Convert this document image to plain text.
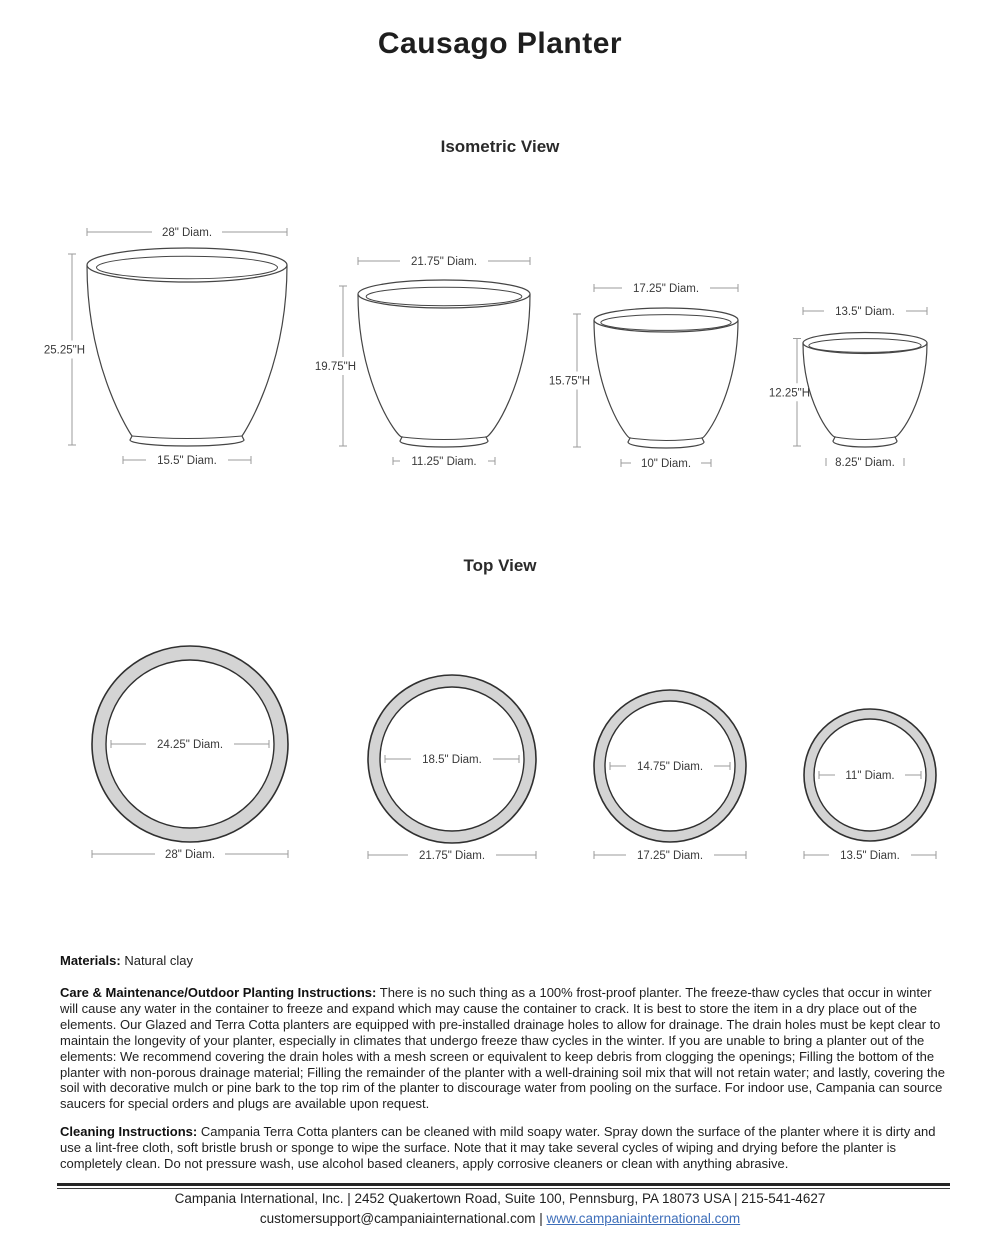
Causago Planter
Isometric View
28" Diam.
25.25"H
15.5" Diam.
21.75" Diam.
19.75"H
11.25" Diam.
17.25" Diam.
15.75"H
10" Diam.
13.5" Diam.
12.25"H
8.25" Diam.
24.25" Diam.
28" Diam.
18.5" Diam.
21.75" Diam.
14.75" Diam.
17.25" Diam.
11" Diam.
13.5" Diam.
Top View

Materials: Natural clay

Care & Maintenance/Outdoor Planting Instructions: There is no such thing as a 100% frost-proof planter. The freeze-thaw cycles that occur in winter will cause any water in the container to freeze and expand which may cause the container to crack. It is best to store the item in a dry place out of the elements. Our Glazed and Terra Cotta planters are equipped with pre-installed drainage holes to allow for drainage. The drain holes must be kept clear to maintain the longevity of your planter, especially in climates that undergo freeze thaw cycles in the winter. If you are unable to bring a planter out of the elements: We recommend covering the drain holes with a mesh screen or equivalent to keep debris from clogging the openings; Filling the bottom of the planter with non-porous drainage material; Filling the remainder of the planter with a well-draining soil mix that will not retain water; and lastly, covering the soil with decorative mulch or pine bark to the top rim of the planter to discourage water from pooling on the surface. For indoor use, Campania can source saucers for special orders and plugs are available upon request.

Cleaning Instructions: Campania Terra Cotta planters can be cleaned with mild soapy water. Spray down the surface of the planter where it is dirty and use a lint-free cloth, soft bristle brush or sponge to wipe the surface. Note that it may take several cycles of wiping and drying before the planter is completely clean. Do not pressure wash, use alcohol based cleaners, apply corrosive cleaners or clean with anything abrasive.

Campania International, Inc. | 2452 Quakertown Road, Suite 100, Pennsburg, PA 18073 USA | 215-541-4627
customersupport@campaniainternational.com | www.campaniainternational.com
